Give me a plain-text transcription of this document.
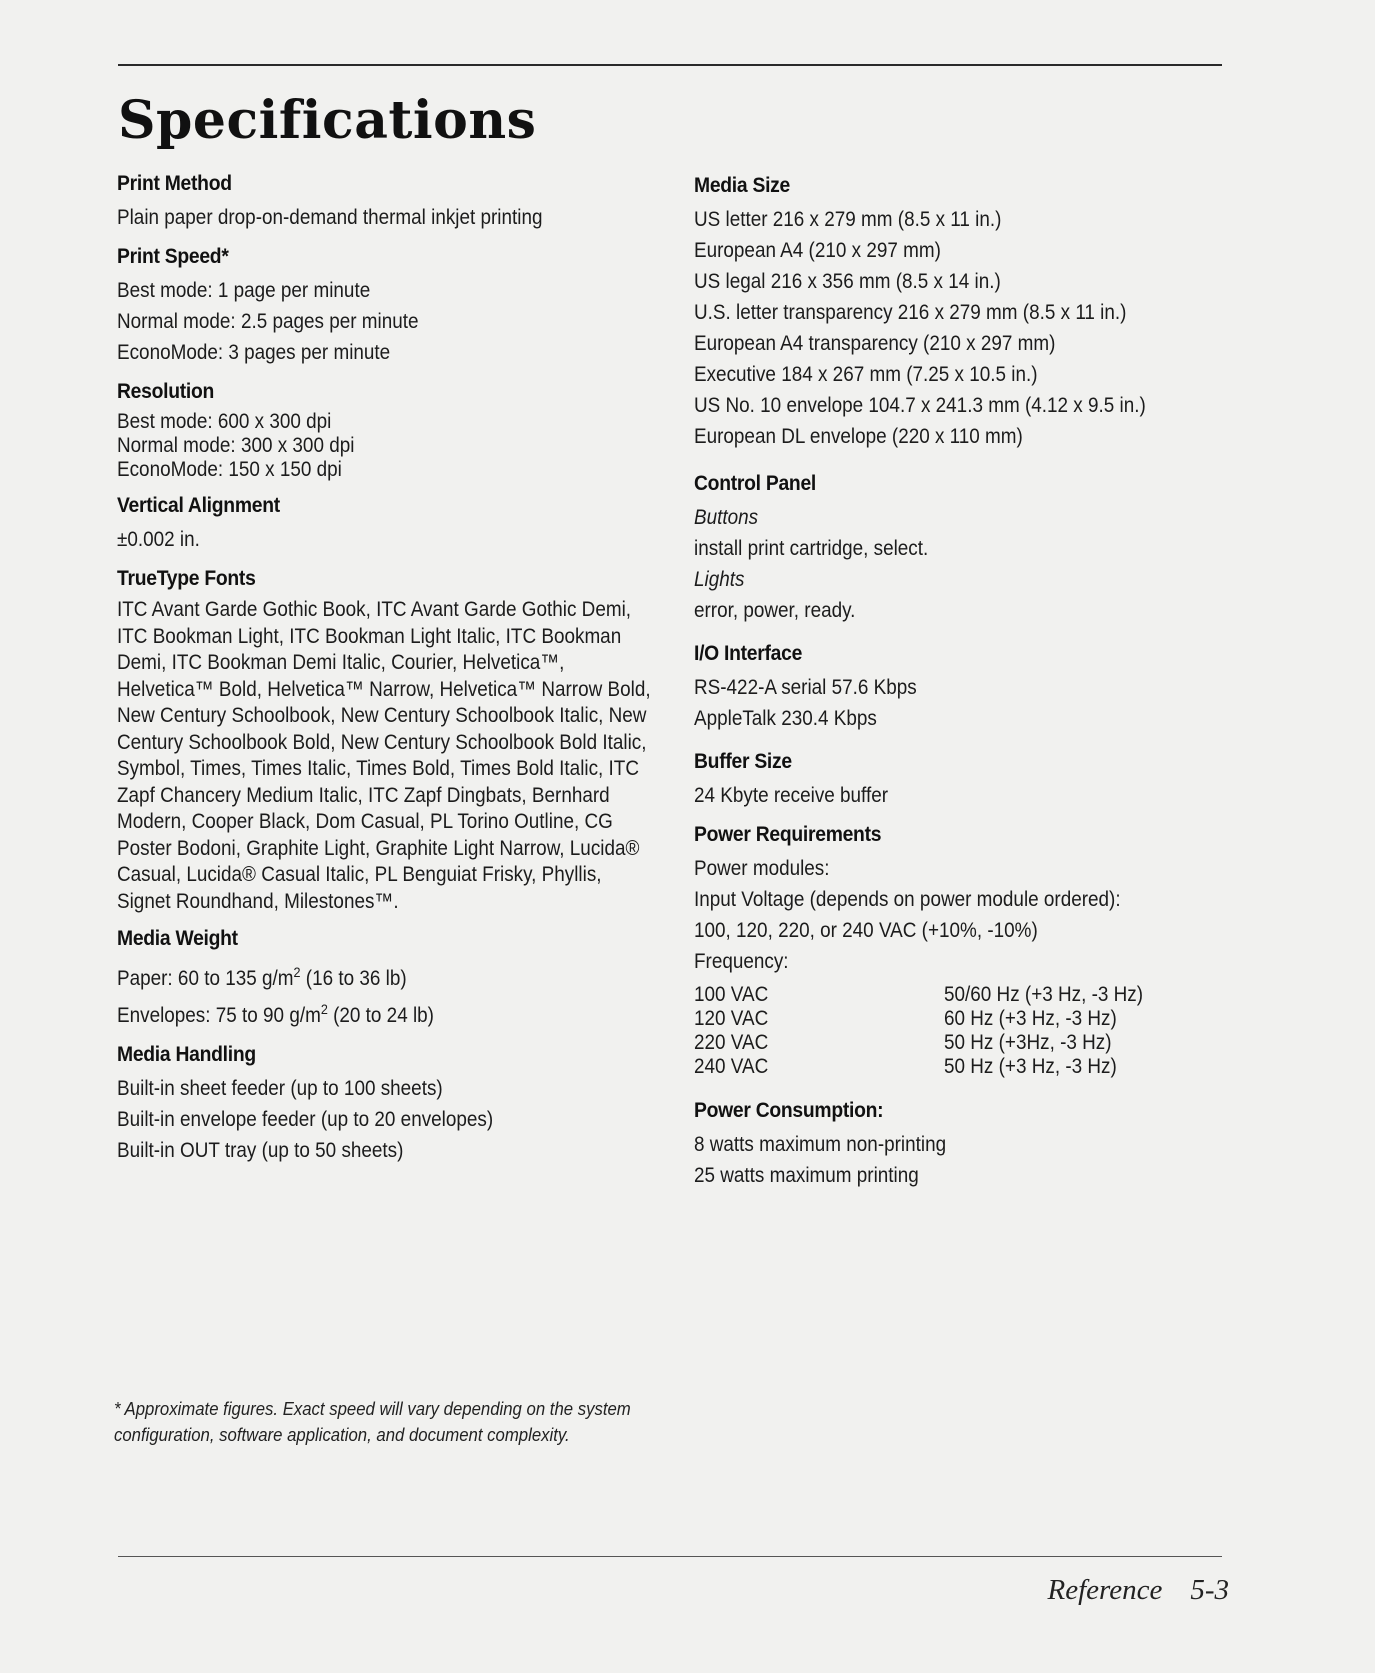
Specifications
Print Method
Plain paper drop-on-demand thermal inkjet printing
Print Speed*
Best mode: 1 page per minute
Normal mode: 2.5 pages per minute
EconoMode: 3 pages per minute
Resolution
Best mode: 600 x 300 dpi
Normal mode: 300 x 300 dpi
EconoMode: 150 x 150 dpi
Vertical Alignment
±0.002 in.
TrueType Fonts
ITC Avant Garde Gothic Book, ITC Avant Garde Gothic Demi, ITC Bookman Light, ITC Bookman Light Italic, ITC Bookman Demi, ITC Bookman Demi Italic, Courier, Helvetica™, Helvetica™ Bold, Helvetica™ Narrow, Helvetica™ Narrow Bold, New Century Schoolbook, New Century Schoolbook Italic, New Century Schoolbook Bold, New Century Schoolbook Bold Italic, Symbol, Times, Times Italic, Times Bold, Times Bold Italic, ITC Zapf Chancery Medium Italic, ITC Zapf Dingbats, Bernhard Modern, Cooper Black, Dom Casual, PL Torino Outline, CG Poster Bodoni, Graphite Light, Graphite Light Narrow, Lucida® Casual, Lucida® Casual Italic, PL Benguiat Frisky, Phyllis, Signet Roundhand, Milestones™.
Media Weight
Paper: 60 to 135 $g/m^2$ (16 to 36 lb)
Envelopes: 75 to 90 $g/m^2$ (20 to 24 lb)
Media Handling
Built-in sheet feeder (up to 100 sheets)
Built-in envelope feeder (up to 20 envelopes)
Built-in OUT tray (up to 50 sheets)
Media Size
US letter 216 x 279 mm (8.5 x 11 in.)
European A4 (210 x 297 mm)
US legal 216 x 356 mm (8.5 x 14 in.)
U.S. letter transparency 216 x 279 mm (8.5 x 11 in.)
European A4 transparency (210 x 297 mm)
Executive 184 x 267 mm (7.25 x 10.5 in.)
US No. 10 envelope 104.7 x 241.3 mm (4.12 x 9.5 in.)
European DL envelope (220 x 110 mm)
Control Panel
Buttons
install print cartridge, select.
Lights
error, power, ready.
I/O Interface
RS-422-A serial 57.6 Kbps
AppleTalk 230.4 Kbps
Buffer Size
24 Kbyte receive buffer
Power Requirements
Power modules:
Input Voltage (depends on power module ordered):
100, 120, 220, or 240 VAC (+10%, -10%)
Frequency:
100 VAC	50/60 Hz (+3 Hz, -3 Hz)
120 VAC	60 Hz (+3 Hz, -3 Hz)
220 VAC	50 Hz (+3Hz, -3 Hz)
240 VAC	50 Hz (+3 Hz, -3 Hz)
Power Consumption:
8 watts maximum non-printing
25 watts maximum printing
* Approximate figures. Exact speed will vary depending on the system configuration, software application, and document complexity.
Reference 5-3
